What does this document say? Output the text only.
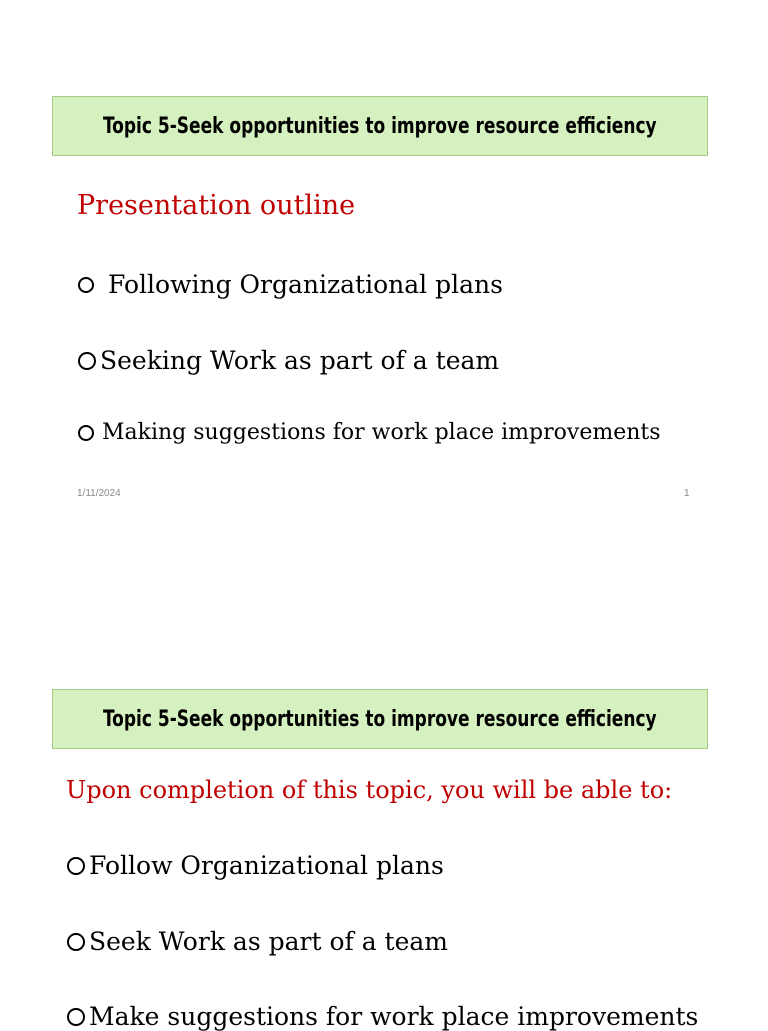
Topic 5-Seek opportunities to improve resource efficiency
Presentation outline
Following Organizational plans
Seeking Work as part of a team
Making suggestions for work place improvements
1/11/2024	1
Topic 5-Seek opportunities to improve resource efficiency
Upon completion of this topic, you will be able to:
Follow Organizational plans
Seek Work as part of a team
Make suggestions for work place improvements
